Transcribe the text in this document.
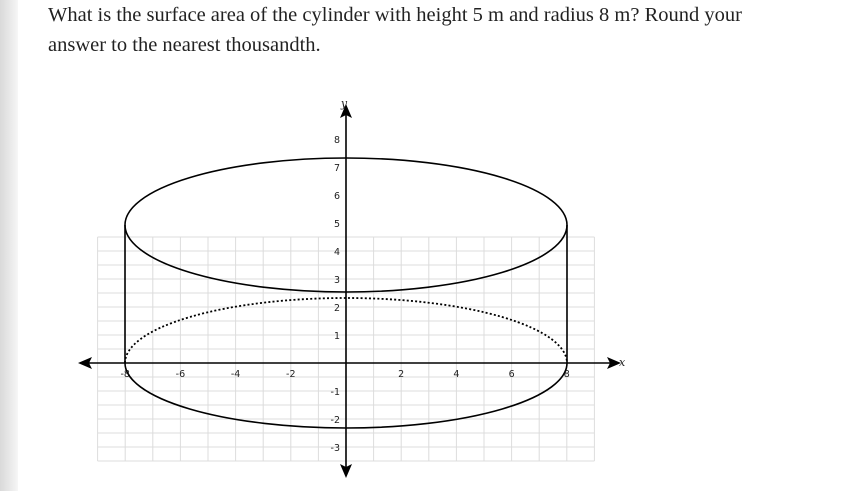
What is the surface area of the cylinder with height 5 m and radius 8 m? Round your
answer to the nearest thousandth.
y
x
-8	-6	-4	-2	2	4	6	8
8
7
6
5
4
3
2
1
-1
-2
-3
